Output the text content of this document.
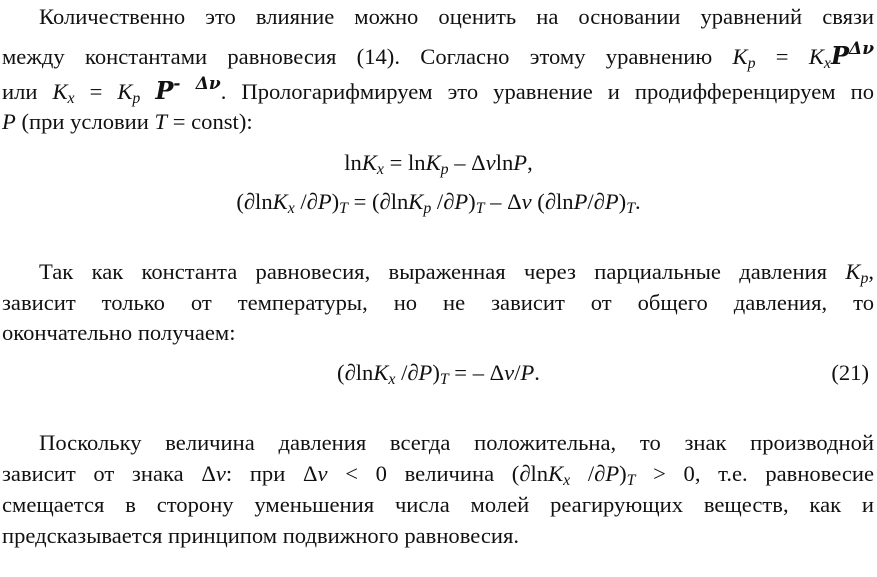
Количественно это влияние можно оценить на основании уравнений связи
между константами равновесия (14). Согласно этому уравнению $K_p = K_xP^{\Delta\nu}$
или $K_x = K_p$ $P^{- \Delta\nu}$. Прологарифмируем это уравнение и продифференцируем по
P (при условии T = const):
lnK$_x$ = lnK$_p$ – ΔνlnP,
(∂lnK$_x$ $/\partial P)_T = (\partial\ln K_p$ $/\partial P)_T$ – Δν $(\partial\ln P/\partial P)_T$.
Так как константа равновесия, выраженная через парциальные давления $K_p$,
зависит только от температуры, но не зависит от общего давления, то
окончательно получаем:
(∂lnK$_x$ $/\partial P)_T$ = – Δν/P.	(21)
Поскольку величина давления всегда положительна, то знак производной
зависит от знака Δν: при Δν < 0 величина (∂lnK$_x$ $/\partial P)_T > 0$, т.е. равновесие
смещается в сторону уменьшения числа молей реагирующих веществ, как и
предсказывается принципом подвижного равновесия.
